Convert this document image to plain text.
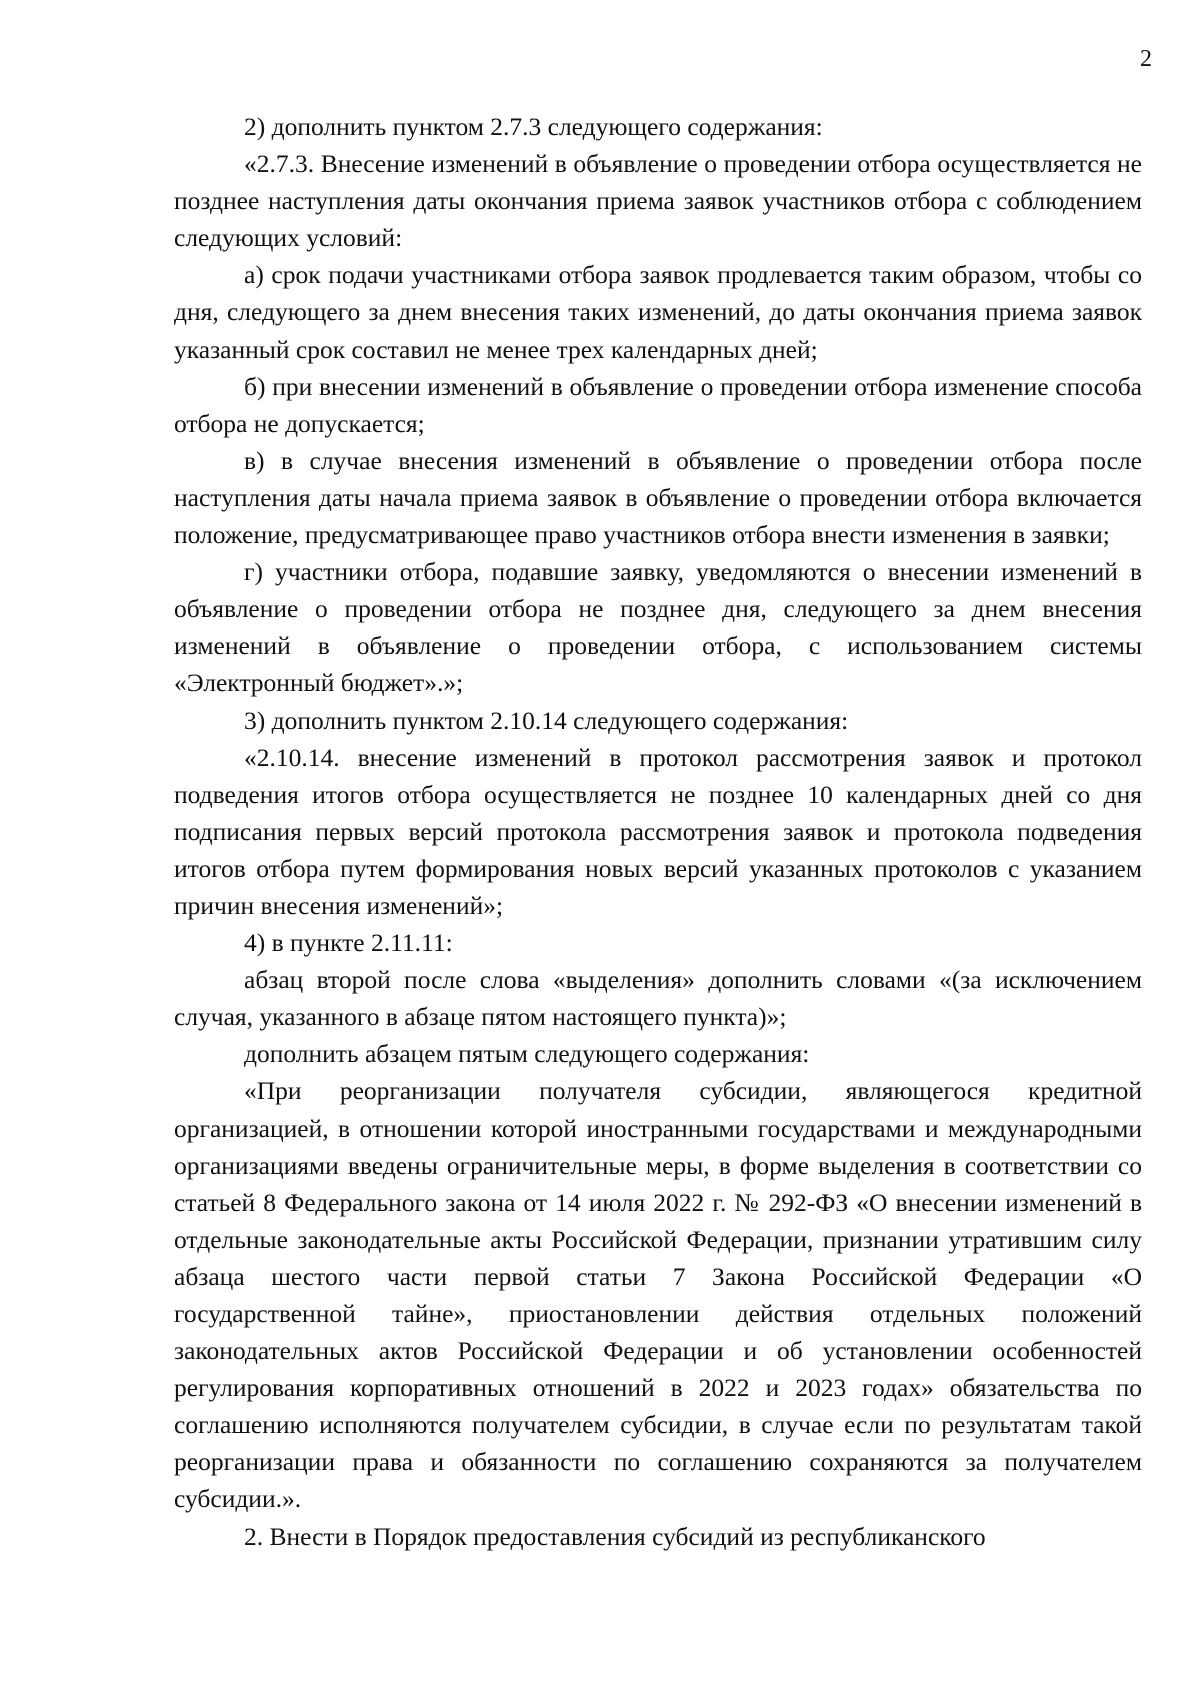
2

2) дополнить пунктом 2.7.3 следующего содержания:

«2.7.3. Внесение изменений в объявление о проведении отбора осуществляется не позднее наступления даты окончания приема заявок участников отбора с соблюдением следующих условий:

а) срок подачи участниками отбора заявок продлевается таким образом, чтобы со дня, следующего за днем внесения таких изменений, до даты окончания приема заявок указанный срок составил не менее трех календарных дней;

б) при внесении изменений в объявление о проведении отбора изменение способа отбора не допускается;

в) в случае внесения изменений в объявление о проведении отбора после наступления даты начала приема заявок в объявление о проведении отбора включается положение, предусматривающее право участников отбора внести изменения в заявки;

г) участники отбора, подавшие заявку, уведомляются о внесении изменений в объявление о проведении отбора не позднее дня, следующего за днем внесения изменений в объявление о проведении отбора, с использованием системы «Электронный бюджет».»;

3) дополнить пунктом 2.10.14 следующего содержания:

«2.10.14. внесение изменений в протокол рассмотрения заявок и протокол подведения итогов отбора осуществляется не позднее 10 календарных дней со дня подписания первых версий протокола рассмотрения заявок и протокола подведения итогов отбора путем формирования новых версий указанных протоколов с указанием причин внесения изменений»;

4) в пункте 2.11.11:

абзац второй после слова «выделения» дополнить словами «(за исключением случая, указанного в абзаце пятом настоящего пункта)»;

дополнить абзацем пятым следующего содержания:

«При реорганизации получателя субсидии, являющегося кредитной организацией, в отношении которой иностранными государствами и международными организациями введены ограничительные меры, в форме выделения в соответствии со статьей 8 Федерального закона от 14 июля 2022 г. № 292-ФЗ «О внесении изменений в отдельные законодательные акты Российской Федерации, признании утратившим силу абзаца шестого части первой статьи 7 Закона Российской Федерации «О государственной тайне», приостановлении действия отдельных положений законодательных актов Российской Федерации и об установлении особенностей регулирования корпоративных отношений в 2022 и 2023 годах» обязательства по соглашению исполняются получателем субсидии, в случае если по результатам такой реорганизации права и обязанности по соглашению сохраняются за получателем субсидии.».

2. Внести в Порядок предоставления субсидий из республиканского
